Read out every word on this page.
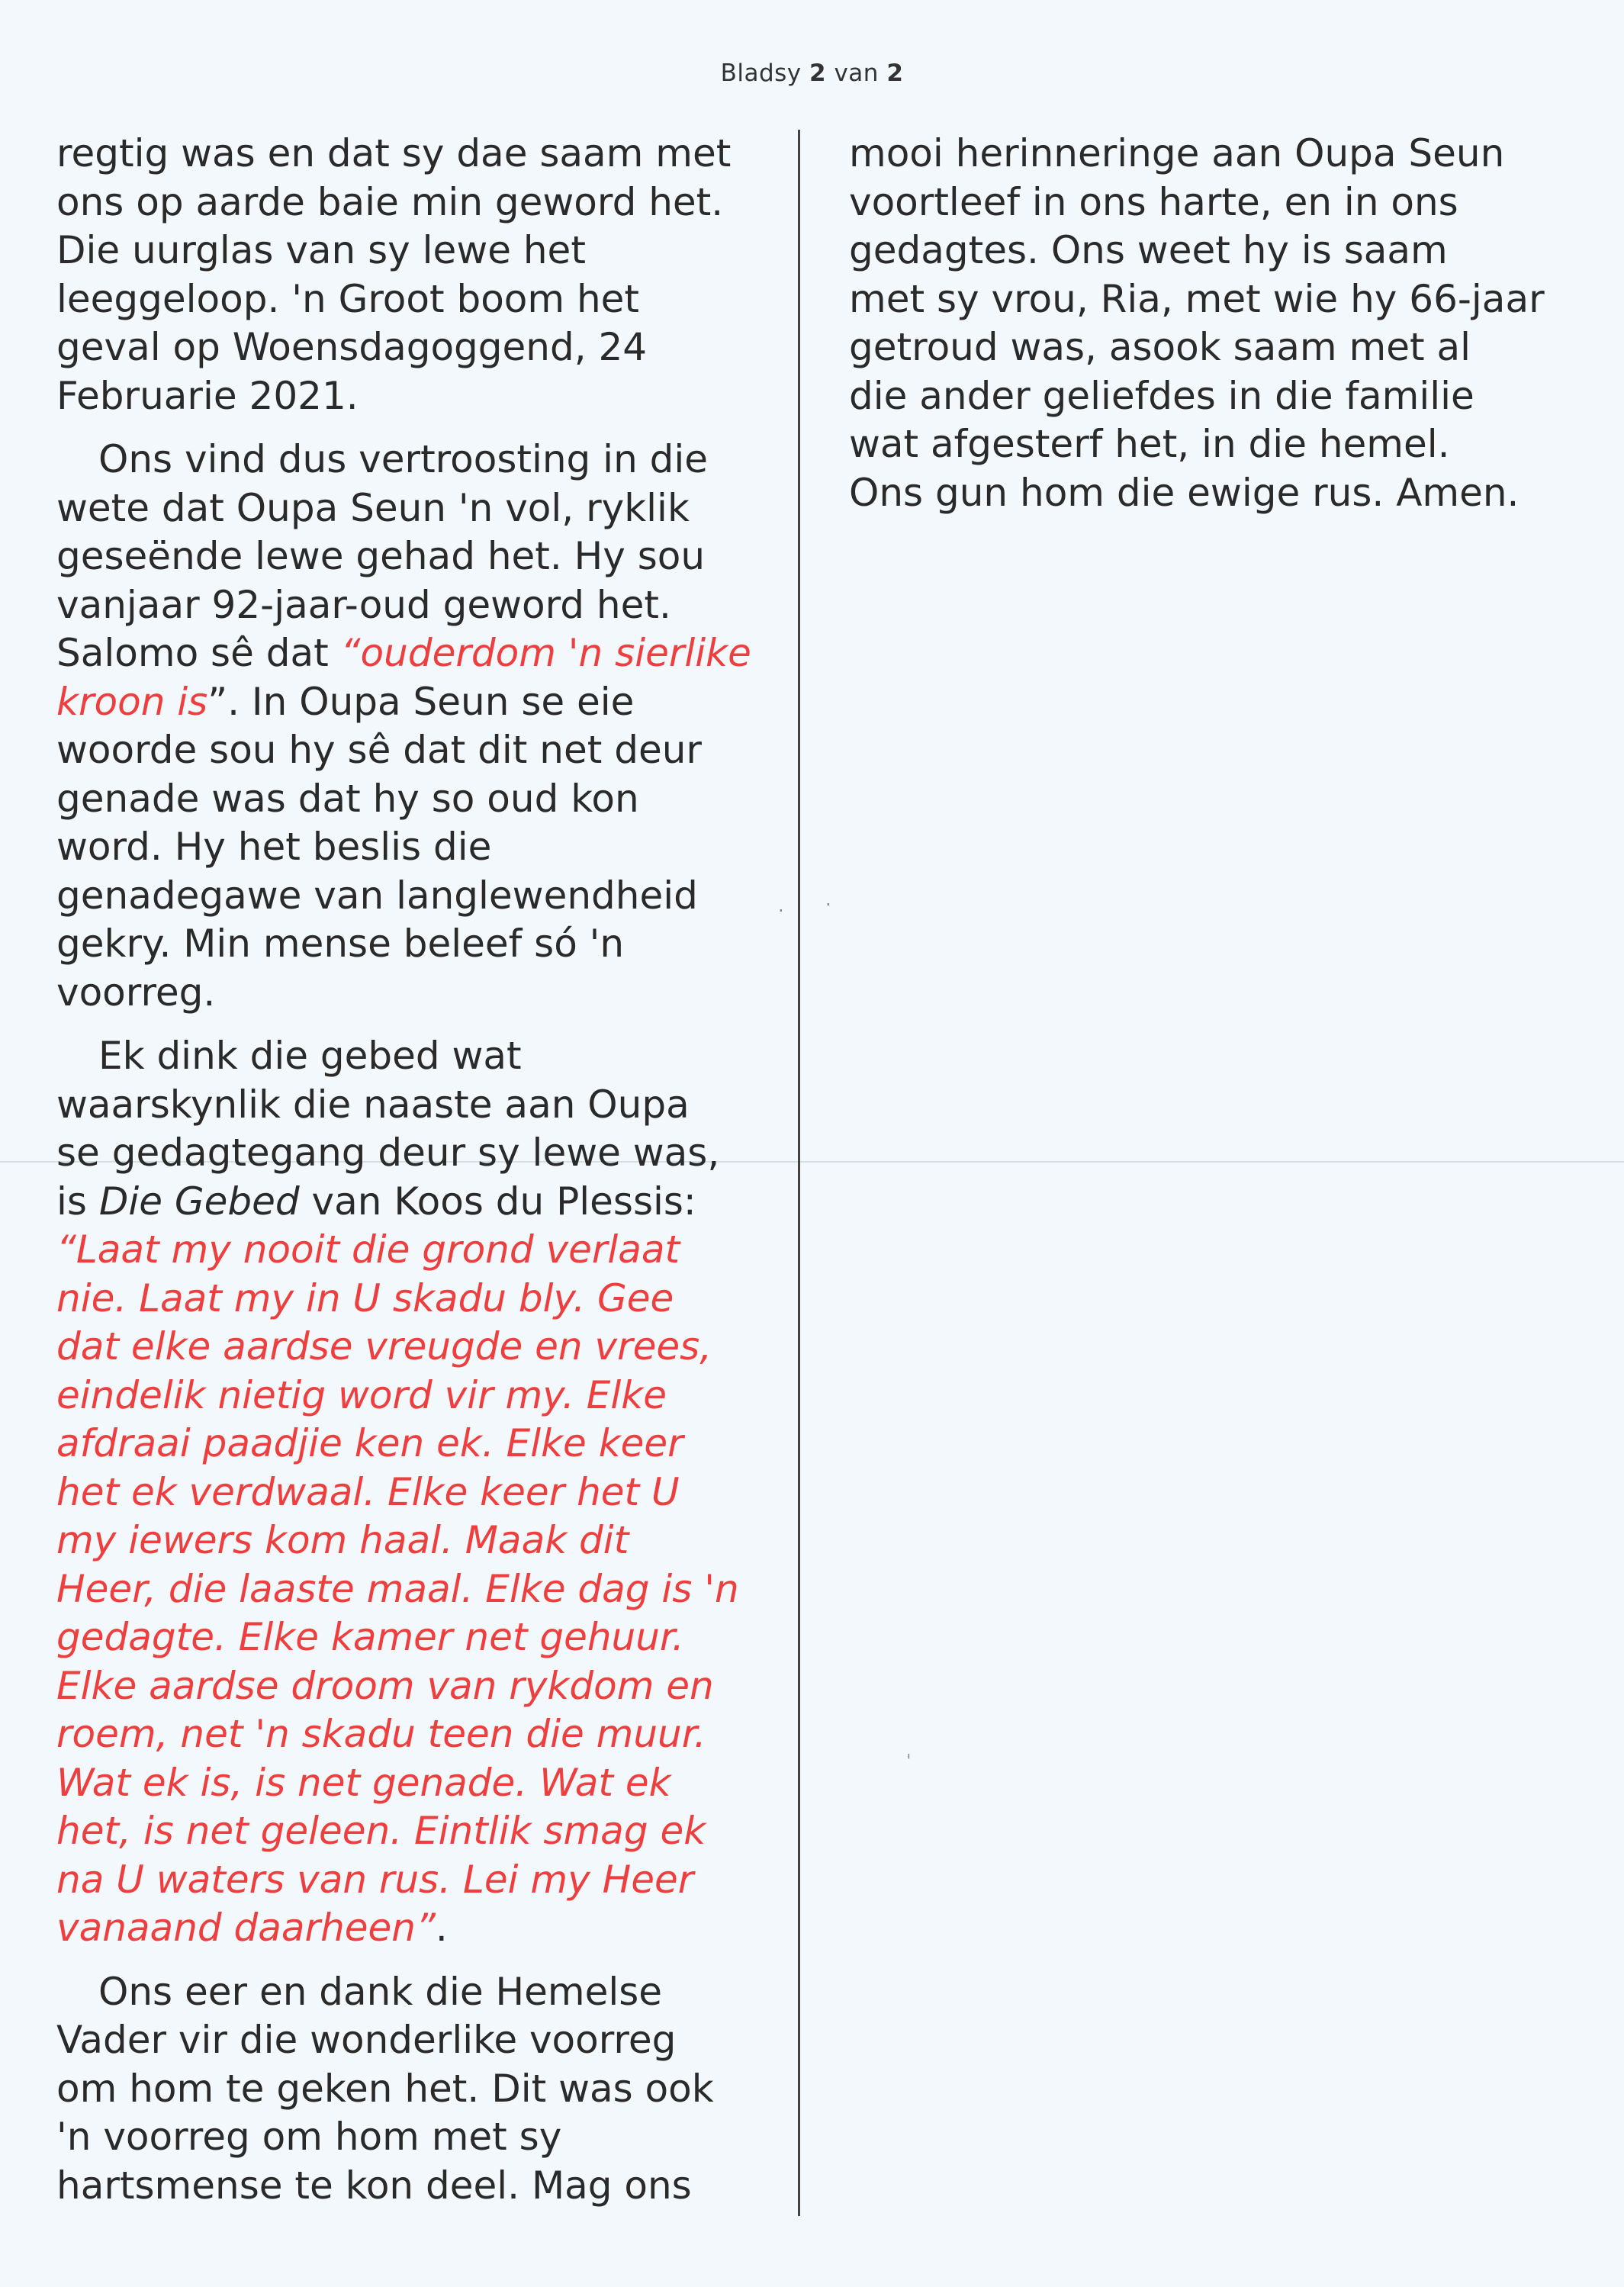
Bladsy 2 van 2
regtig was en dat sy dae saam met
ons op aarde baie min geword het.
Die uurglas van sy lewe het
leeggeloop. 'n Groot boom het
geval op Woensdagoggend, 24
Februarie 2021.
Ons vind dus vertroosting in die
wete dat Oupa Seun 'n vol, ryklik
geseënde lewe gehad het. Hy sou
vanjaar 92-jaar-oud geword het.
Salomo sê dat “ouderdom 'n sierlike
kroon is”. In Oupa Seun se eie
woorde sou hy sê dat dit net deur
genade was dat hy so oud kon
word. Hy het beslis die
genadegawe van langlewendheid
gekry. Min mense beleef só 'n
voorreg.
Ek dink die gebed wat
waarskynlik die naaste aan Oupa
se gedagtegang deur sy lewe was,
is Die Gebed van Koos du Plessis:
“Laat my nooit die grond verlaat
nie. Laat my in U skadu bly. Gee
dat elke aardse vreugde en vrees,
eindelik nietig word vir my. Elke
afdraai paadjie ken ek. Elke keer
het ek verdwaal. Elke keer het U
my iewers kom haal. Maak dit
Heer, die laaste maal. Elke dag is 'n
gedagte. Elke kamer net gehuur.
Elke aardse droom van rykdom en
roem, net 'n skadu teen die muur.
Wat ek is, is net genade. Wat ek
het, is net geleen. Eintlik smag ek
na U waters van rus. Lei my Heer
vanaand daarheen”.
Ons eer en dank die Hemelse
Vader vir die wonderlike voorreg
om hom te geken het. Dit was ook
'n voorreg om hom met sy
hartsmense te kon deel. Mag ons
mooi herinneringe aan Oupa Seun
voortleef in ons harte, en in ons
gedagtes. Ons weet hy is saam
met sy vrou, Ria, met wie hy 66-jaar
getroud was, asook saam met al
die ander geliefdes in die familie
wat afgesterf het, in die hemel.
Ons gun hom die ewige rus. Amen.
· ·
ˌ
